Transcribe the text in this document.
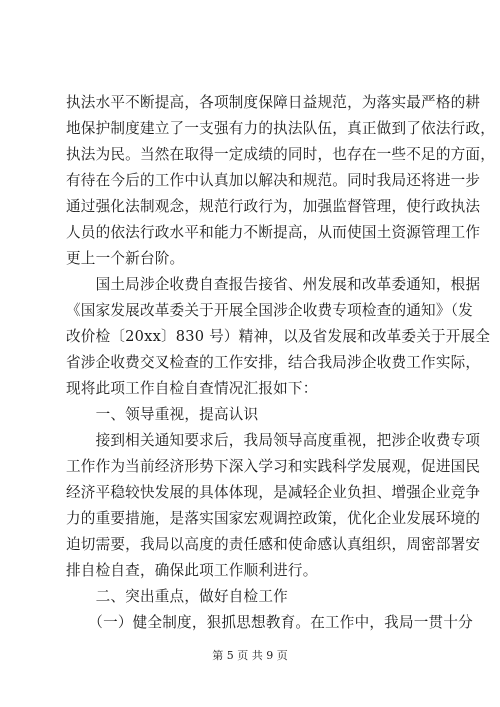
执法水平不断提高，各项制度保障日益规范，为落实最严格的耕
地保护制度建立了一支强有力的执法队伍，真正做到了依法行政，
执法为民。当然在取得一定成绩的同时，也存在一些不足的方面，
有待在今后的工作中认真加以解决和规范。同时我局还将进一步
通过强化法制观念，规范行政行为，加强监督管理，使行政执法
人员的依法行政水平和能力不断提高，从而使国土资源管理工作
更上一个新台阶。
　　国土局涉企收费自查报告接省、州发展和改革委通知，根据
《国家发展改革委关于开展全国涉企收费专项检查的通知》（发
改价检〔20xx〕830 号）精神，以及省发展和改革委关于开展全
省涉企收费交叉检查的工作安排，结合我局涉企收费工作实际，
现将此项工作自检自查情况汇报如下：
　　一、领导重视，提高认识
　　接到相关通知要求后，我局领导高度重视，把涉企收费专项
工作作为当前经济形势下深入学习和实践科学发展观，促进国民
经济平稳较快发展的具体体现，是减轻企业负担、增强企业竞争
力的重要措施，是落实国家宏观调控政策，优化企业发展环境的
迫切需要，我局以高度的责任感和使命感认真组织，周密部署安
排自检自查，确保此项工作顺利进行。
　　二、突出重点，做好自检工作
　　（一）健全制度，狠抓思想教育。在工作中，我局一贯十分
第 5 页 共 9 页
